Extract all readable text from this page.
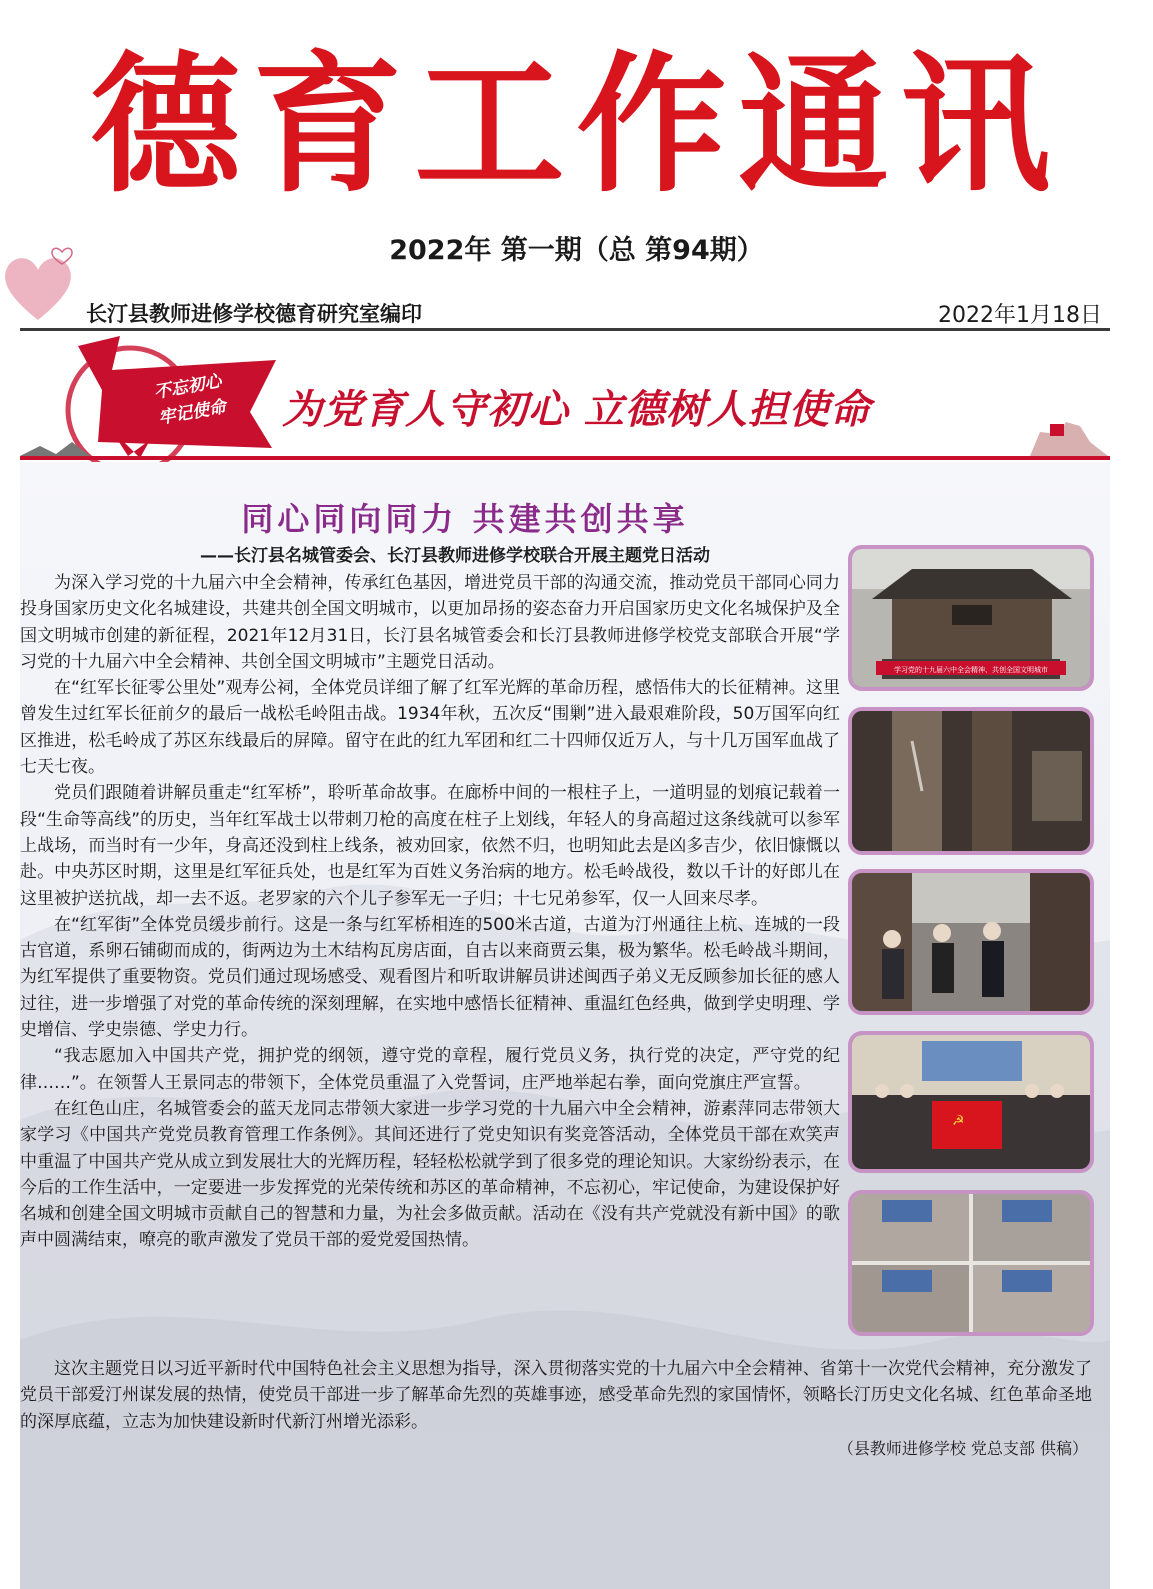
德育工作通讯
2022年 第一期（总 第94期）
长汀县教师进修学校德育研究室编印	2022年1月18日
不忘初心
牢记使命	为党育人守初心 立德树人担使命
同心同向同力 共建共创共享
——长汀县名城管委会、长汀县教师进修学校联合开展主题党日活动

为深入学习党的十九届六中全会精神，传承红色基因，增进党员干部的沟通交流，推动党员干部同心同力投身国家历史文化名城建设，共建共创全国文明城市，以更加昂扬的姿态奋力开启国家历史文化名城保护及全国文明城市创建的新征程，2021年12月31日，长汀县名城管委会和长汀县教师进修学校党支部联合开展“学习党的十九届六中全会精神、共创全国文明城市”主题党日活动。

在“红军长征零公里处”观寿公祠，全体党员详细了解了红军光辉的革命历程，感悟伟大的长征精神。这里曾发生过红军长征前夕的最后一战松毛岭阻击战。1934年秋，五次反“围剿”进入最艰难阶段，50万国军向红区推进，松毛岭成了苏区东线最后的屏障。留守在此的红九军团和红二十四师仅近万人，与十几万国军血战了七天七夜。

党员们跟随着讲解员重走“红军桥”，聆听革命故事。在廊桥中间的一根柱子上，一道明显的划痕记载着一段“生命等高线”的历史，当年红军战士以带刺刀枪的高度在柱子上划线，年轻人的身高超过这条线就可以参军上战场，而当时有一少年，身高还没到柱上线条，被劝回家，依然不归，也明知此去是凶多吉少，依旧慷慨以赴。中央苏区时期，这里是红军征兵处，也是红军为百姓义务治病的地方。松毛岭战役，数以千计的好郎儿在这里被护送抗战，却一去不返。老罗家的六个儿子参军无一子归；十七兄弟参军，仅一人回来尽孝。

在“红军街”全体党员缓步前行。这是一条与红军桥相连的500米古道，古道为汀州通往上杭、连城的一段古官道，系卵石铺砌而成的，街两边为土木结构瓦房店面，自古以来商贾云集，极为繁华。松毛岭战斗期间，为红军提供了重要物资。党员们通过现场感受、观看图片和听取讲解员讲述闽西子弟义无反顾参加长征的感人过往，进一步增强了对党的革命传统的深刻理解，在实地中感悟长征精神、重温红色经典，做到学史明理、学史增信、学史崇德、学史力行。

“我志愿加入中国共产党，拥护党的纲领，遵守党的章程，履行党员义务，执行党的决定，严守党的纪律……”。在领誓人王景同志的带领下，全体党员重温了入党誓词，庄严地举起右拳，面向党旗庄严宣誓。

在红色山庄，名城管委会的蓝天龙同志带领大家进一步学习党的十九届六中全会精神，游素萍同志带领大家学习《中国共产党党员教育管理工作条例》。其间还进行了党史知识有奖竞答活动，全体党员干部在欢笑声中重温了中国共产党从成立到发展壮大的光辉历程，轻轻松松就学到了很多党的理论知识。大家纷纷表示，在今后的工作生活中，一定要进一步发挥党的光荣传统和苏区的革命精神，不忘初心，牢记使命，为建设保护好名城和创建全国文明城市贡献自己的智慧和力量，为社会多做贡献。活动在《没有共产党就没有新中国》的歌声中圆满结束，嘹亮的歌声激发了党员干部的爱党爱国热情。

这次主题党日以习近平新时代中国特色社会主义思想为指导，深入贯彻落实党的十九届六中全会精神、省第十一次党代会精神，充分激发了党员干部爱汀州谋发展的热情，使党员干部进一步了解革命先烈的英雄事迹，感受革命先烈的家国情怀，领略长汀历史文化名城、红色革命圣地的深厚底蕴，立志为加快建设新时代新汀州增光添彩。

（县教师进修学校 党总支部 供稿）
学习党的十九届六中全会精神、共创全国文明城市
☭
